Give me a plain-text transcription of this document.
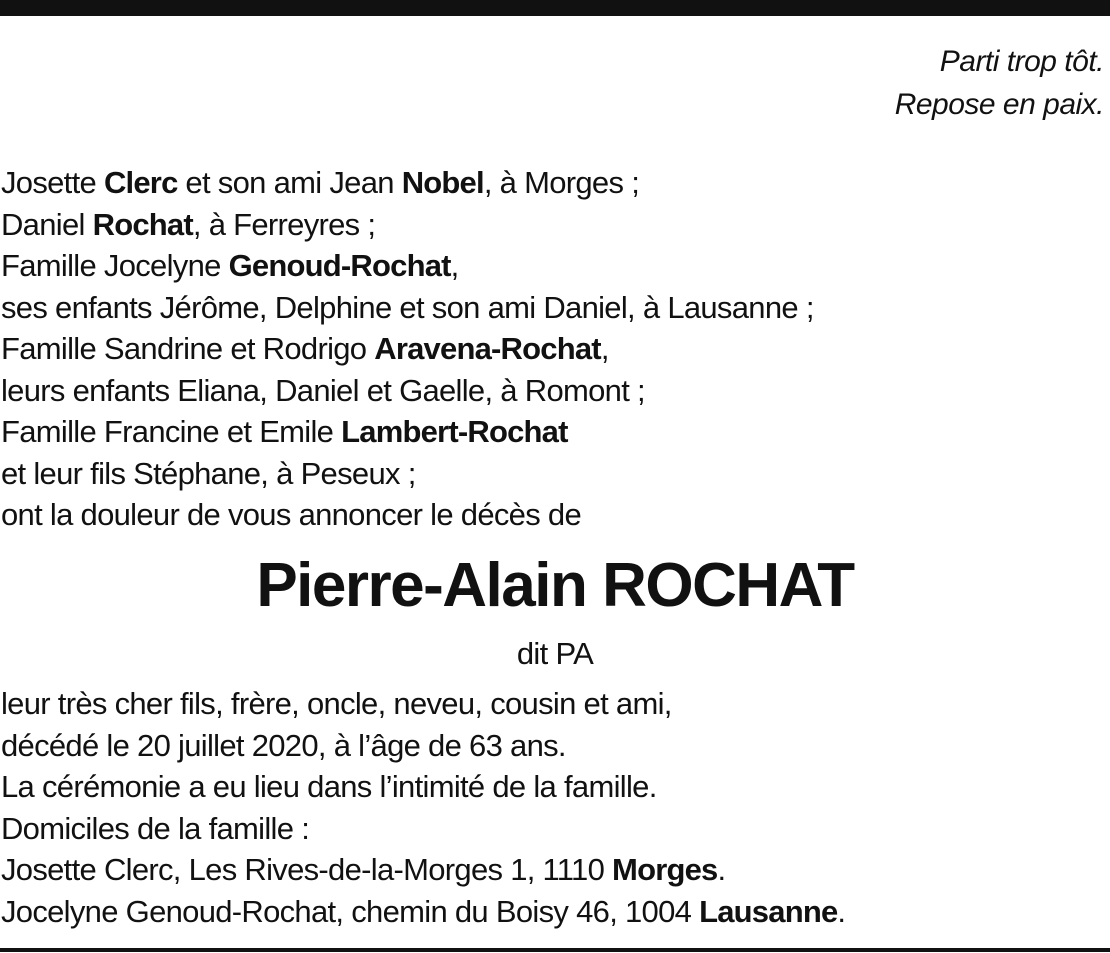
Parti trop tôt.
Repose en paix.
Josette Clerc et son ami Jean Nobel, à Morges ;
Daniel Rochat, à Ferreyres ;
Famille Jocelyne Genoud-Rochat,
ses enfants Jérôme, Delphine et son ami Daniel, à Lausanne ;
Famille Sandrine et Rodrigo Aravena-Rochat,
leurs enfants Eliana, Daniel et Gaelle, à Romont ;
Famille Francine et Emile Lambert-Rochat
et leur fils Stéphane, à Peseux ;
ont la douleur de vous annoncer le décès de
Pierre-Alain ROCHAT
dit PA
leur très cher fils, frère, oncle, neveu, cousin et ami,
décédé le 20 juillet 2020, à l’âge de 63 ans.
La cérémonie a eu lieu dans l’intimité de la famille.
Domiciles de la famille :
Josette Clerc, Les Rives-de-la-Morges 1, 1110 Morges.
Jocelyne Genoud-Rochat, chemin du Boisy 46, 1004 Lausanne.
